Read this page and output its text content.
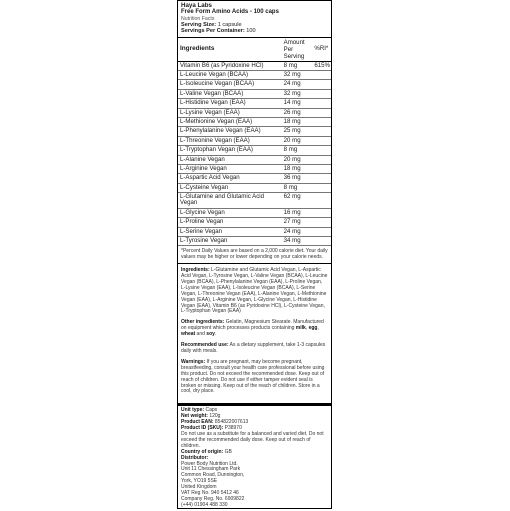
Haya Labs
Free Form Amino Acids - 100 caps
Nutrition Facts
Serving Size: 1 capsule
Servings Per Container: 100
Ingredients	Amount Per Serving	%RI*
Vitamin B6 (as Pyridoxine HCl)	8 mg	615%
L-Leucine Vegan (BCAA)	32 mg	
L-Isoleucine Vegan (BCAA)	24 mg	
L-Valine Vegan (BCAA)	32 mg	
L-Histidine Vegan (EAA)	14 mg	
L-Lysine Vegan (EAA)	26 mg	
L-Methionine Vegan (EAA)	18 mg	
L-Phenylalanine Vegan (EAA)	25 mg	
L-Threonine Vegan (EAA)	20 mg	
L-Tryptophan Vegan (EAA)	8 mg	
L-Alanine Vegan	20 mg	
L-Arginine Vegan	18 mg	
L-Aspartic Acid Vegan	36 mg	
L-Cysteine Vegan	8 mg	
L-Glutamine and Glutamic Acid Vegan	62 mg	
L-Glycine Vegan	16 mg	
L-Proline Vegan	27 mg	
L-Serine Vegan	24 mg	
L-Tyrosine Vegan	34 mg	
*Percent Daily Values are based on a 2,000 calorie diet. Your daily values may be higher or lower depending on your calorie needs.

Ingredients: L-Glutamine and Glutamic Acid Vegan, L-Aspartic Acid Vegan, L-Tyrosine Vegan, L-Valine Vegan (BCAA), L-Leucine Vegan (BCAA), L-Phenylalanine Vegan (EAA), L-Proline Vegan, L-Lysine Vegan (EAA), L-Isoleucine Vegan (BCAA), L-Serine Vegan, L-Threonine Vegan (EAA), L-Alanine Vegan, L-Methionine Vegan (EAA), L-Arginine Vegan, L-Glycine Vegan, L-Histidine Vegan (EAA), Vitamin B6 (as Pyridoxine HCl), L-Cysteine Vegan, L-Tryptophan Vegan (EAA)

Other ingredients: Gelatin, Magnesium Stearate. Manufactured on equipment which processes products containing milk, egg, wheat and soy.

Recommended use: As a dietary supplement, take 1-3 capsules daily with meals.

Warnings: If you are pregnant, may become pregnant, breastfeeding, consult your health care professional before using this product. Do not exceed the recommended dose. Keep out of reach of children. Do not use if either tamper evident seal is broken or missing. Keep out of the reach of children. Store in a cool, dry place.

Unit type: Caps
Net weight: 120g
Product EAN: 854822007613
Product ID (SKU): P38970
Do not use as a substitute for a balanced and varied diet. Do not exceed the recommended daily dose. Keep out of reach of children.
Country of origin: GB
Distributor:
Power Body Nutrition Ltd.
Unit 11 Chessingham Park
Common Road, Dunnington,
York, YO19 5SE
United Kingdom
VAT Reg No. 940 5412 46
Company Reg. No. 6909822
(+44) 01904 488 330
